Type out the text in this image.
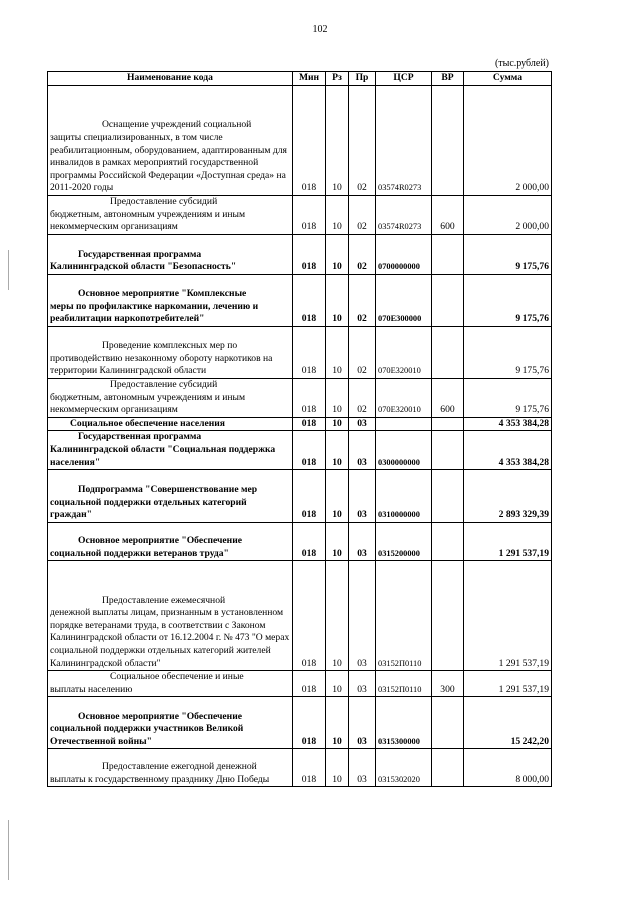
102
(тыс.рублей)
Наименование кода	Мин	Рз	Пр	ЦСР	ВР	Сумма
Оснащение учреждений социальной
защиты специализированных, в том числе реабилитационным, оборудованием, адаптированным для инвалидов в рамках мероприятий государственной программы Российской Федерации «Доступная среда» на 2011-2020 годы	018	10	02	03574R0273		2 000,00
Предоставление субсидий
бюджетным, автономным учреждениям и иным некоммерческим организациям	018	10	02	03574R0273	600	2 000,00
Государственная программа
Калининградской области "Безопасность"	018	10	02	0700000000		9 175,76
Основное мероприятие "Комплексные
меры по профилактике наркомании, лечению и реабилитации наркопотребителей"	018	10	02	070Е300000		9 175,76
Проведение комплексных мер по
противодействию незаконному обороту наркотиков на территории Калининградской области	018	10	02	070Е320010		9 175,76
Предоставление субсидий
бюджетным, автономным учреждениям и иным некоммерческим организациям	018	10	02	070Е320010	600	9 175,76
Социальное обеспечение населения	018	10	03			4 353 384,28
Государственная программа
Калининградской области "Социальная поддержка населения"	018	10	03	0300000000		4 353 384,28
Подпрограмма "Совершенствование мер
социальной поддержки отдельных категорий граждан"	018	10	03	0310000000		2 893 329,39
Основное мероприятие "Обеспечение
социальной поддержки ветеранов труда"	018	10	03	0315200000		1 291 537,19
Предоставление ежемесячной
денежной выплаты лицам, признанным в установленном порядке ветеранами труда, в соответствии с Законом Калининградской области от 16.12.2004 г. № 473 "О мерах социальной поддержки отдельных категорий жителей Калининградской области"	018	10	03	03152П0110		1 291 537,19
Социальное обеспечение и иные
выплаты населению	018	10	03	03152П0110	300	1 291 537,19
Основное мероприятие "Обеспечение
социальной поддержки участников Великой Отечественной войны"	018	10	03	0315300000		15 242,20
Предоставление ежегодной денежной
выплаты к государственному празднику Дню Победы	018	10	03	0315302020		8 000,00
